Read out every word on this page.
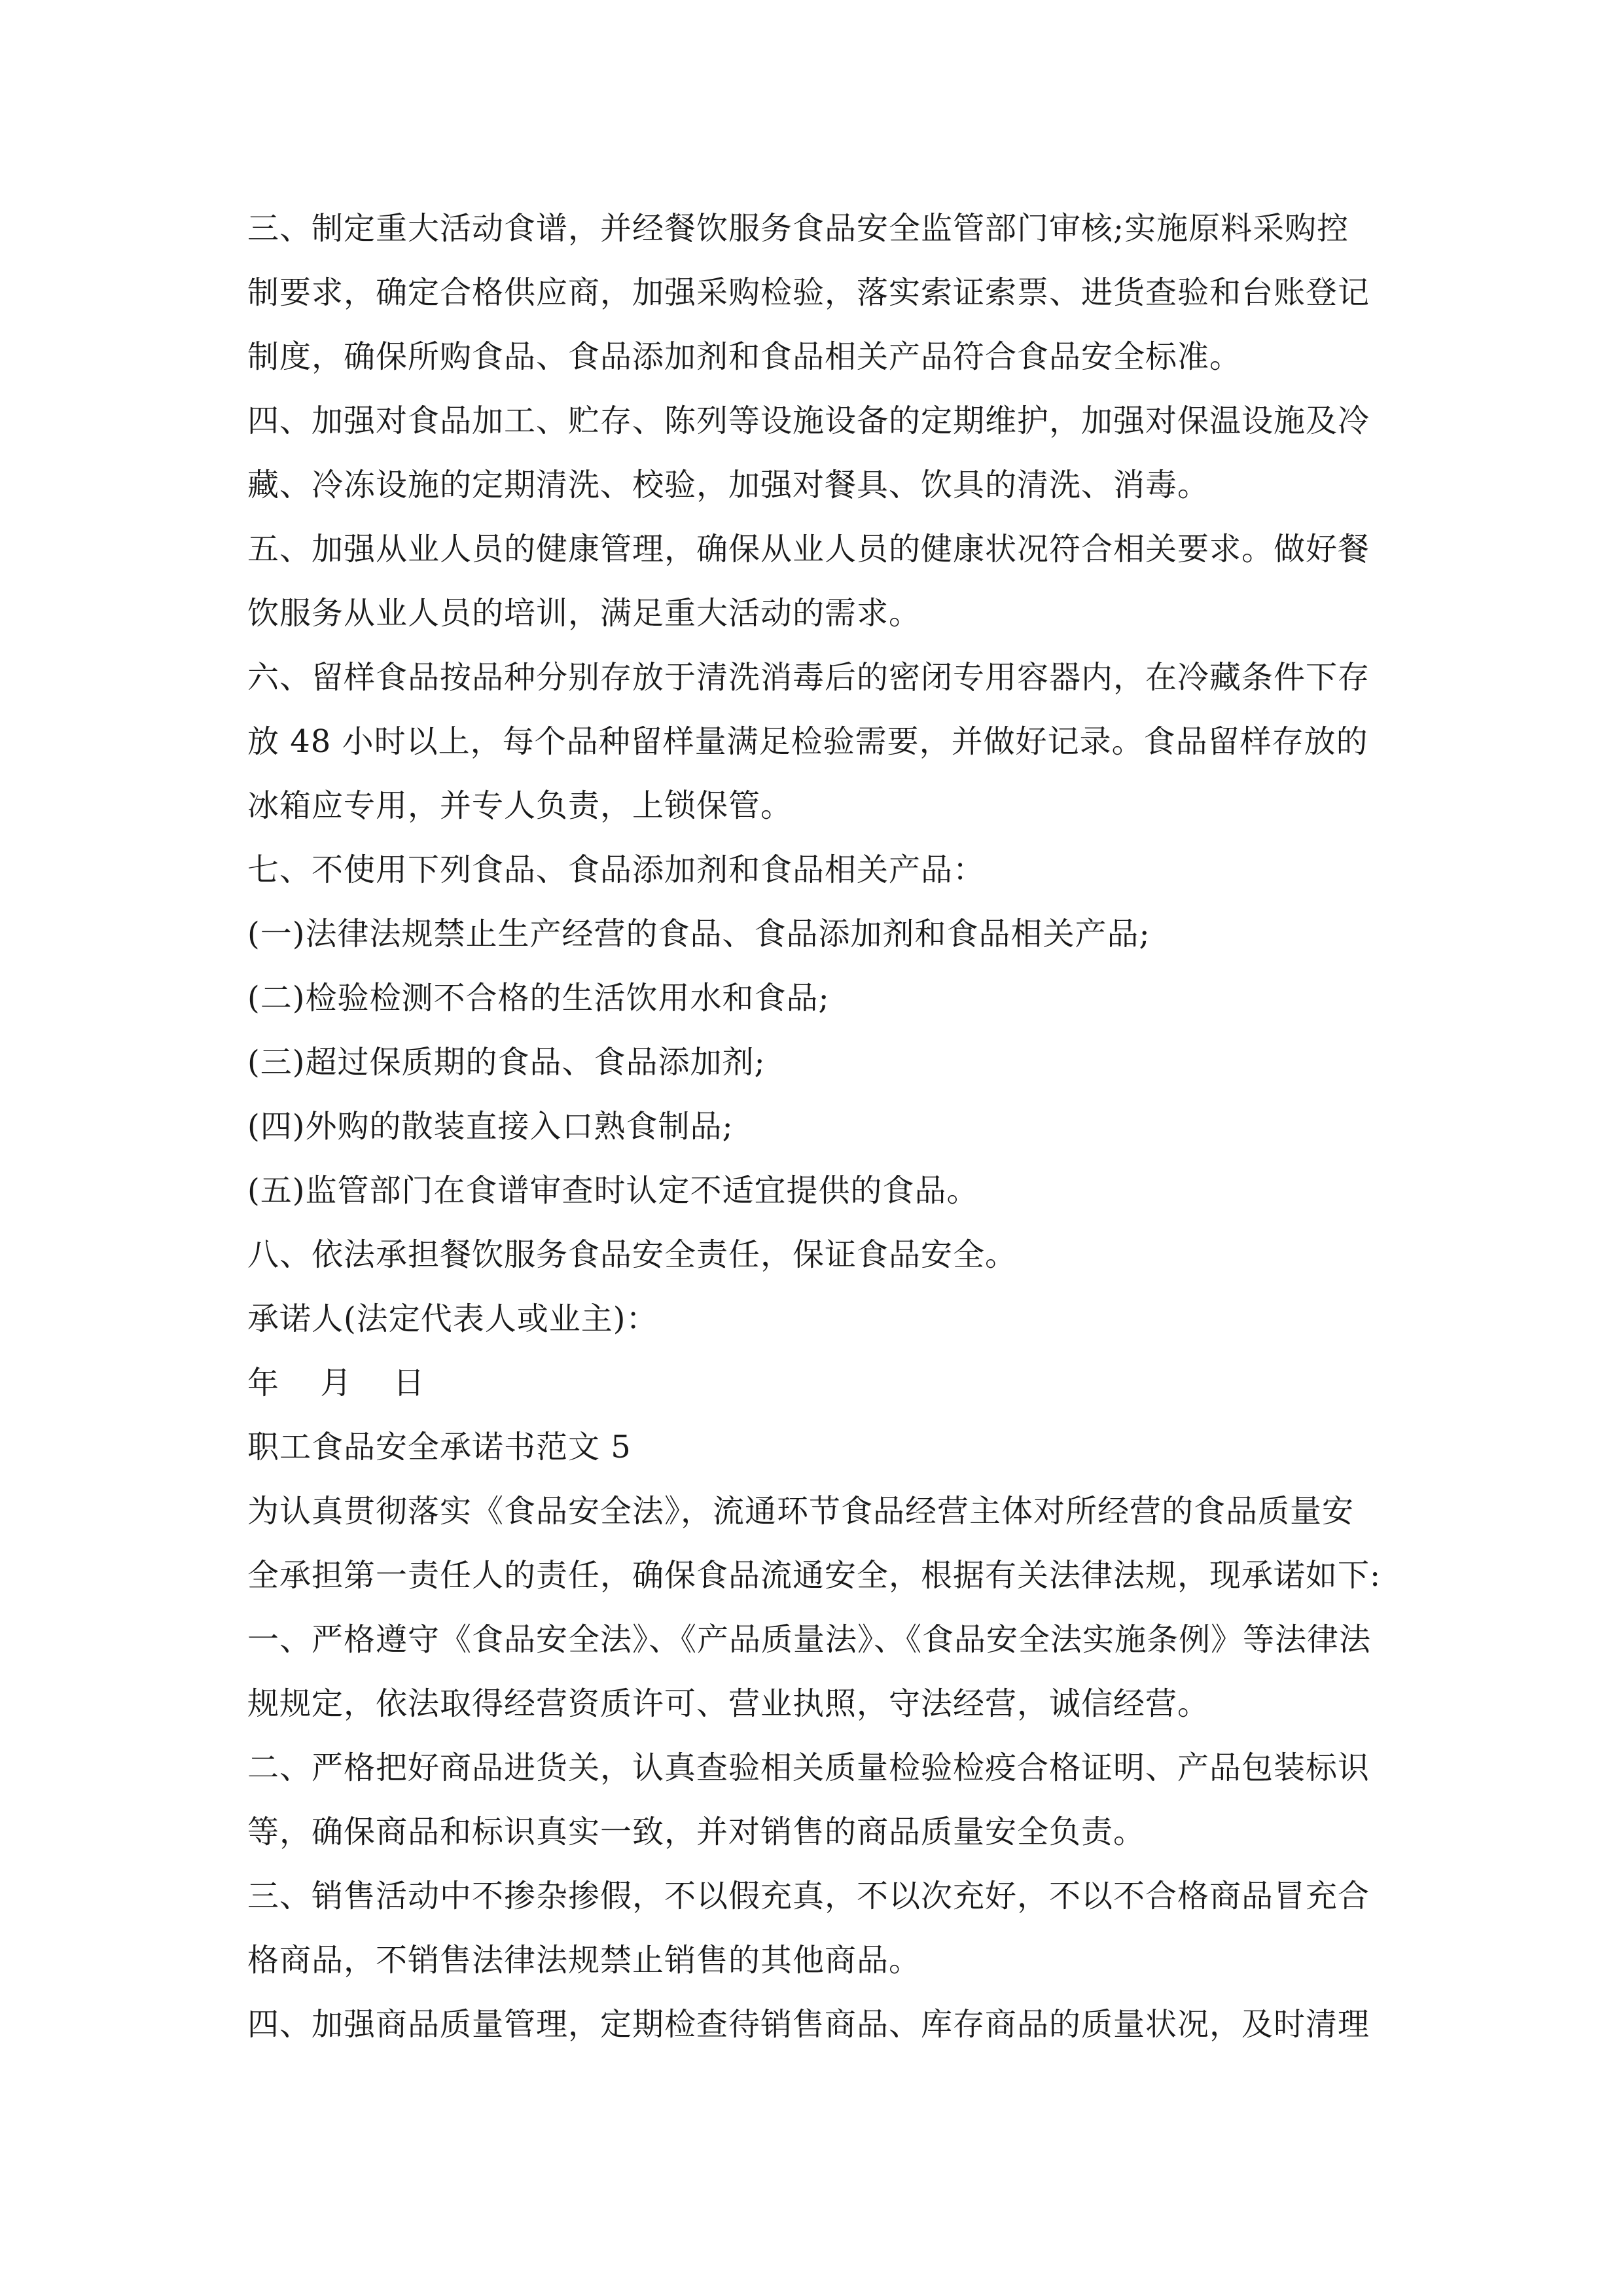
三、制定重大活动食谱，并经餐饮服务食品安全监管部门审核;实施原料采购控
制要求，确定合格供应商，加强采购检验，落实索证索票、进货查验和台账登记
制度，确保所购食品、食品添加剂和食品相关产品符合食品安全标准。
四、加强对食品加工、贮存、陈列等设施设备的定期维护，加强对保温设施及冷
藏、冷冻设施的定期清洗、校验，加强对餐具、饮具的清洗、消毒。
五、加强从业人员的健康管理，确保从业人员的健康状况符合相关要求。做好餐
饮服务从业人员的培训，满足重大活动的需求。
六、留样食品按品种分别存放于清洗消毒后的密闭专用容器内，在冷藏条件下存
放 48 小时以上，每个品种留样量满足检验需要，并做好记录。食品留样存放的
冰箱应专用，并专人负责，上锁保管。
七、不使用下列食品、食品添加剂和食品相关产品：
(一)法律法规禁止生产经营的食品、食品添加剂和食品相关产品;
(二)检验检测不合格的生活饮用水和食品;
(三)超过保质期的食品、食品添加剂;
(四)外购的散装直接入口熟食制品;
(五)监管部门在食谱审查时认定不适宜提供的食品。
八、依法承担餐饮服务食品安全责任，保证食品安全。
承诺人(法定代表人或业主)：
年 月 日
职工食品安全承诺书范文 5
为认真贯彻落实《食品安全法》，流通环节食品经营主体对所经营的食品质量安
全承担第一责任人的责任，确保食品流通安全，根据有关法律法规，现承诺如下:
一、严格遵守《食品安全法》、《产品质量法》、《食品安全法实施条例》等法律法
规规定，依法取得经营资质许可、营业执照，守法经营，诚信经营。
二、严格把好商品进货关，认真查验相关质量检验检疫合格证明、产品包装标识
等，确保商品和标识真实一致，并对销售的商品质量安全负责。
三、销售活动中不掺杂掺假，不以假充真，不以次充好，不以不合格商品冒充合
格商品，不销售法律法规禁止销售的其他商品。
四、加强商品质量管理，定期检查待销售商品、库存商品的质量状况，及时清理
